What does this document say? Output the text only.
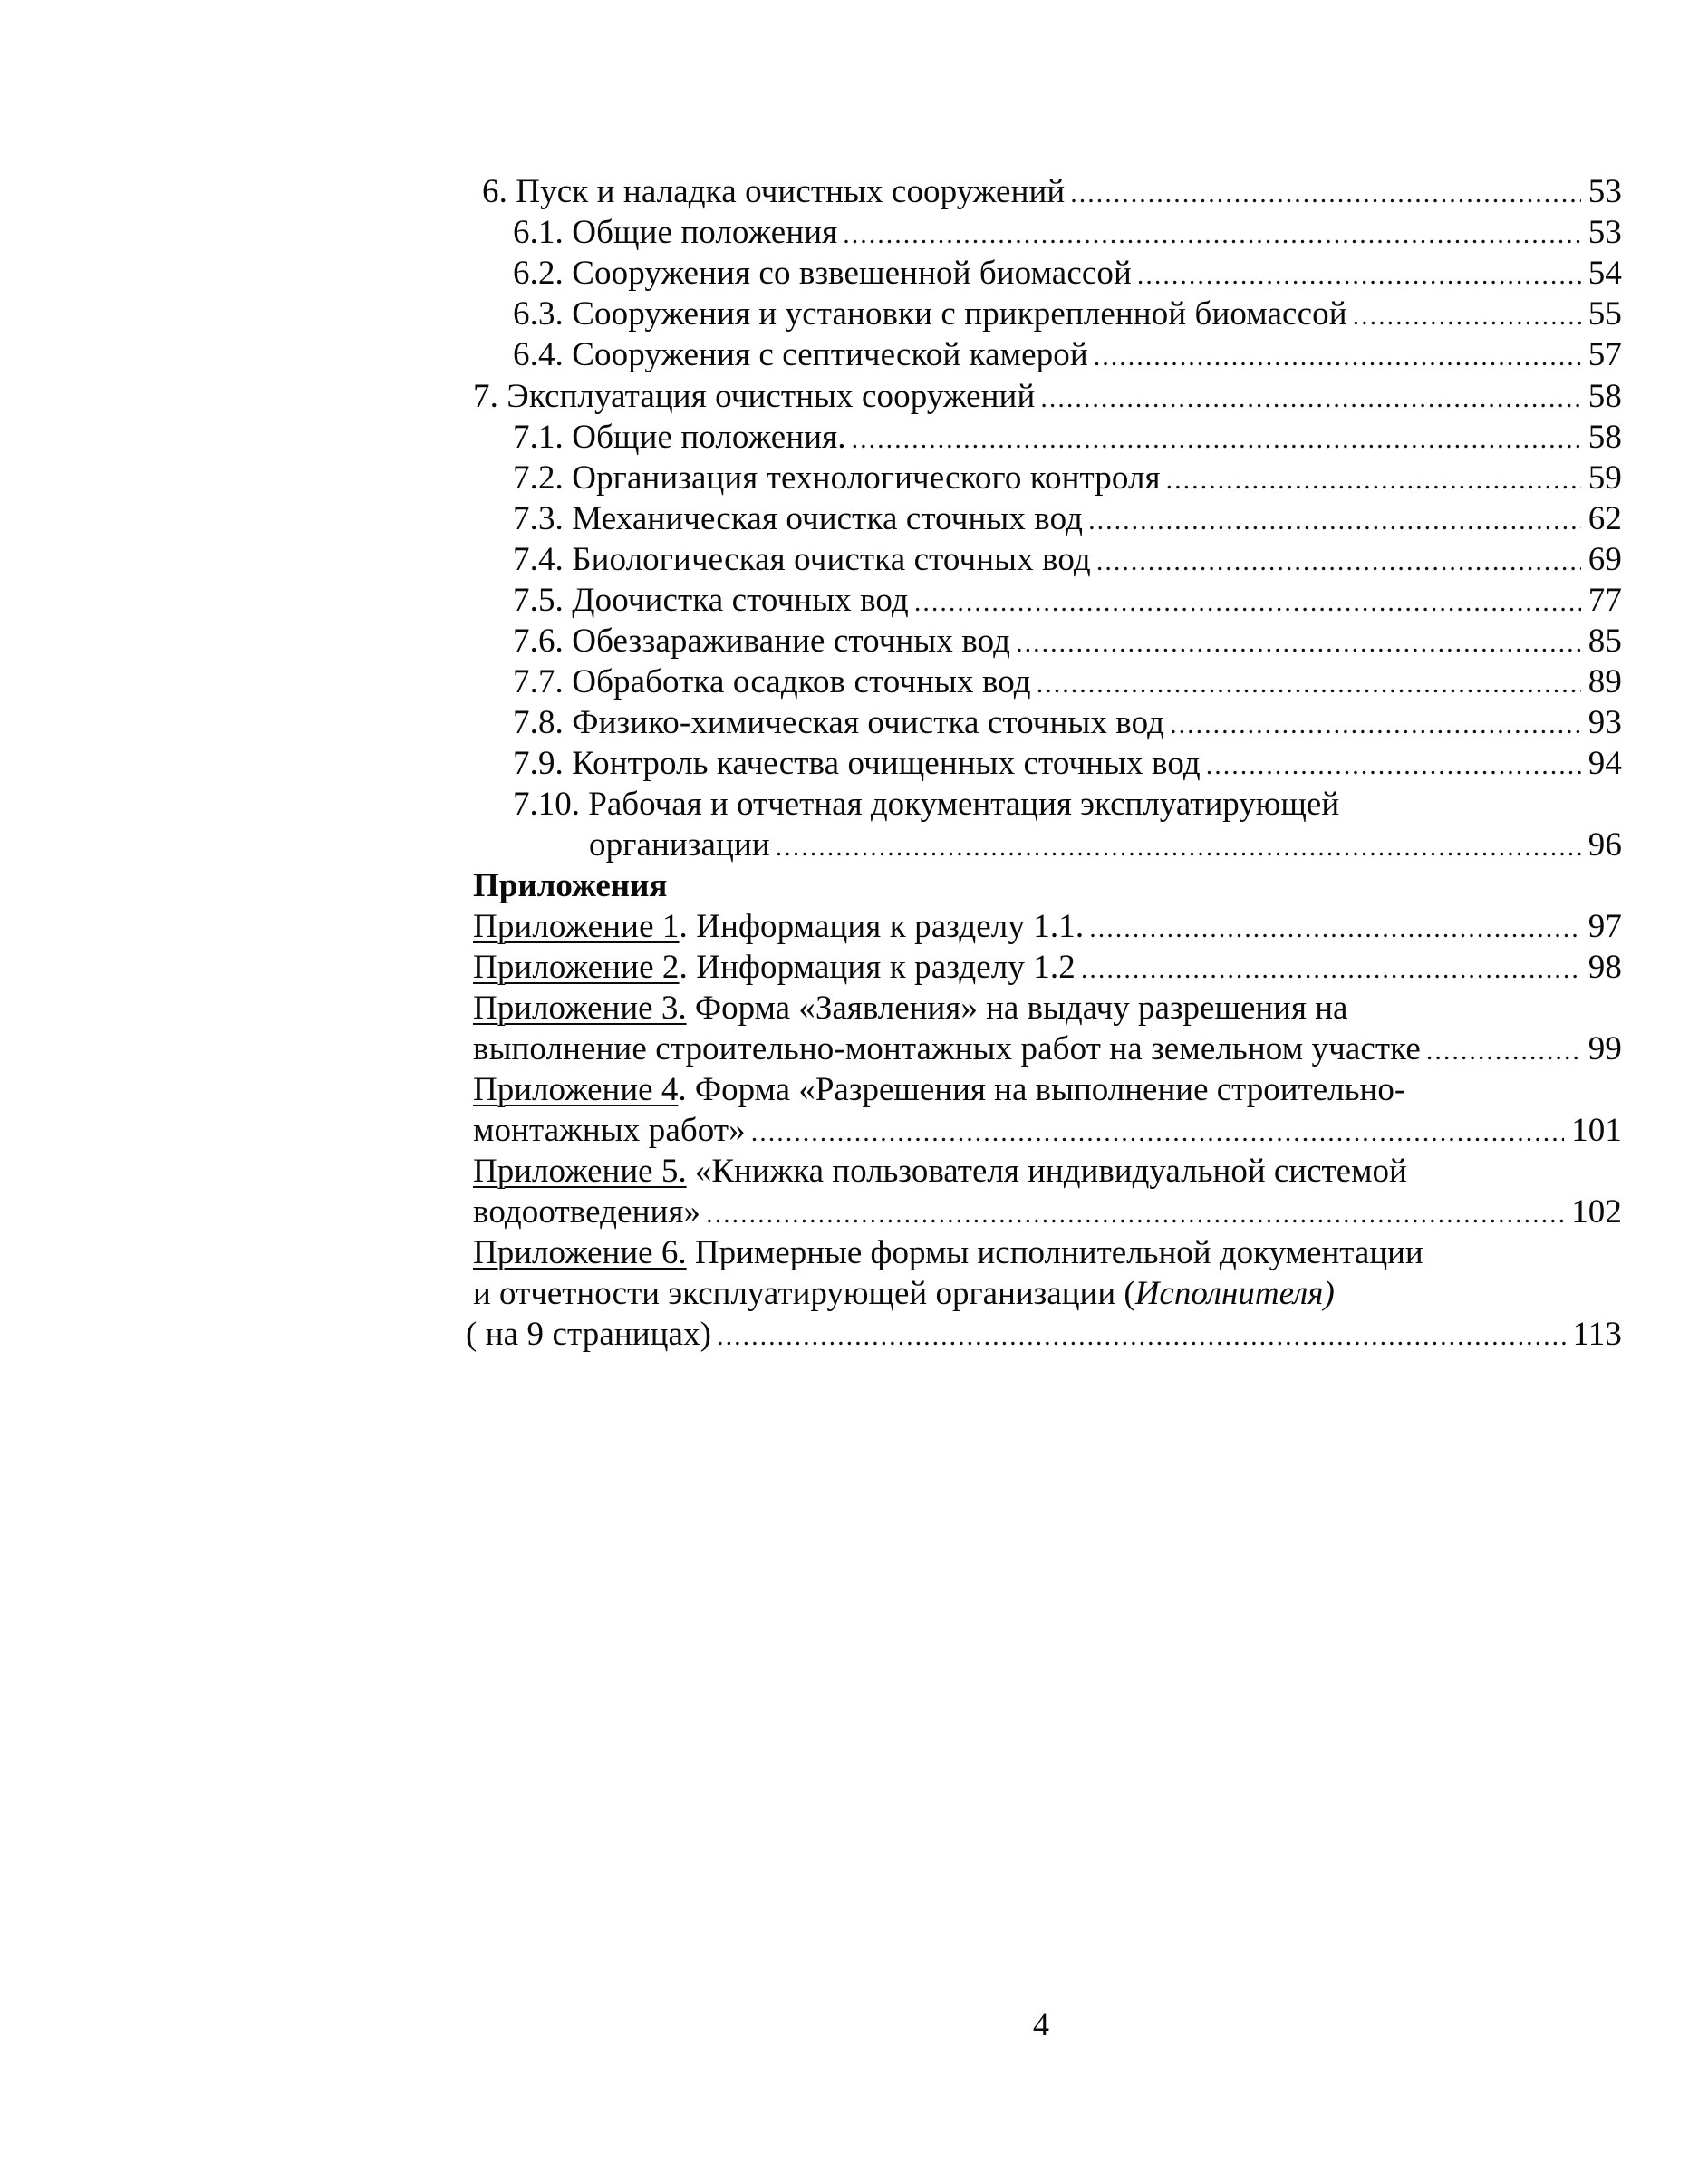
6. Пуск и наладка очистных сооружений .....	53
6.1. Общие положения .....	53
6.2. Сооружения со взвешенной биомассой .....	54
6.3. Сооружения и установки с прикрепленной биомассой .....	55
6.4. Сооружения с септической камерой .....	57
7. Эксплуатация очистных сооружений .....	58
7.1. Общие положения. .....	58
7.2. Организация технологического контроля .....	59
7.3. Механическая очистка сточных вод .....	62
7.4. Биологическая очистка сточных вод .....	69
7.5. Доочистка сточных вод .....	77
7.6. Обеззараживание сточных вод .....	85
7.7. Обработка осадков сточных вод .....	89
7.8. Физико-химическая очистка сточных вод .....	93
7.9. Контроль качества очищенных сточных вод .....	94
7.10. Рабочая и отчетная документация эксплуатирующей
организации .....	96
Приложения
Приложение 1. Информация к разделу 1.1. .....	97
Приложение 2. Информация к разделу 1.2 .....	98
Приложение 3. Форма «Заявления» на выдачу разрешения на
выполнение строительно-монтажных работ на земельном участке .....	99
Приложение 4. Форма «Разрешения на выполнение строительно-
монтажных работ» .....	101
Приложение 5. «Книжка пользователя индивидуальной системой
водоотведения» .....	102
Приложение 6. Примерные формы исполнительной документации
и отчетности эксплуатирующей организации (Исполнителя)
( на 9 страницах) .....	113
4
